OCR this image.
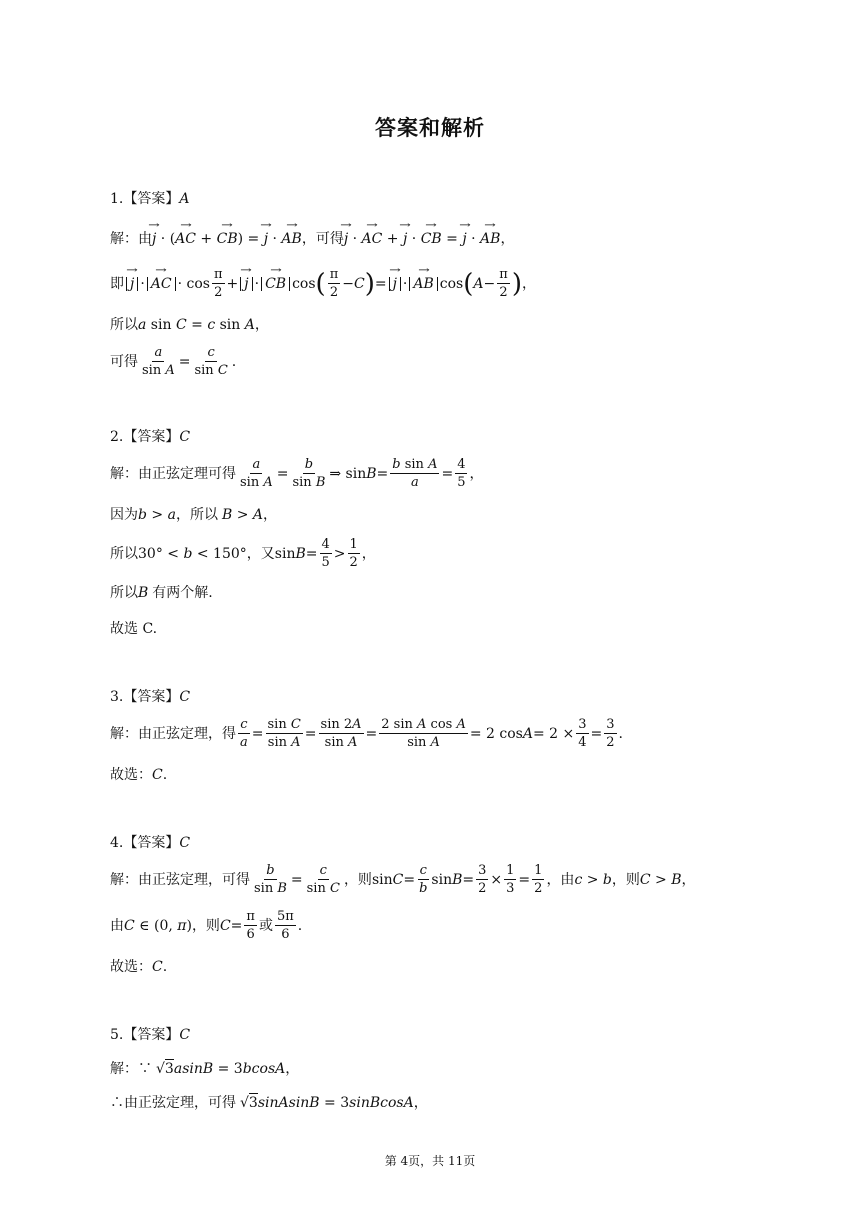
答案和解析
1.【答案】 A
解：由 → j · (→ AC + → CB) = → j · → AB ，可得 → j · → AC + → j · → CB = → j · → AB，
即 → j · → AC · $\cos \frac{\pi}{2}$ + → j · → CB cos ( $\frac{\pi}{2} - C$ ) = → j · → AB cos ( $A - \frac{\pi}{2}$ ) ，
所以 a sin C = c sin A，
可得 $\frac{a}{\text{sin A}} = \frac{c}{\text{sin C}}$ .
2.【答案】 C
解：由正弦定理可得 $\frac{a}{\text{sin A}} = \frac{b}{\text{sin B}}$ ⇒ $\sin B = \frac{\text{b sin A}}{a} = \frac{4}{5}$ ，
因为 b > a ，所以 B > A，
所以 30° < b < 150° ，又 $\sin B = \frac{4}{5} > \frac{1}{2}$ ，
所以 B 有两个解.
故选 C.
3.【答案】 C
解：由正弦定理，得 $\frac{c}{a} = \frac{\text{sin C}}{\text{sin A}} = \frac{\sin 2A}{\text{sin A}} = \frac{\text{2 sin A cos A}}{\text{sin A}} = 2$ $\cos A = 2 \times \frac{3}{4} = \frac{3}{2}$ .
故选： C .
4.【答案】 C
解：由正弦定理，可得 $\frac{b}{\text{sin B}} = \frac{c}{\text{sin C}}$ ，则 $\sin C = \frac{c}{b}$ $\sin B = \frac{3}{2} \times \frac{1}{3} = \frac{1}{2}$ ，由 c > b ，则 C > B，
由 C ∈ (0, π) ，则 $C = \frac{\pi}{6}$ 或 $\frac{5\pi}{6}$ .
故选： C .
5.【答案】 C
解：∵ √3asinB = 3bcosA，
∴由正弦定理，可得 √3sinAsinB = 3sinBcosA，
第 4页，共 11页
